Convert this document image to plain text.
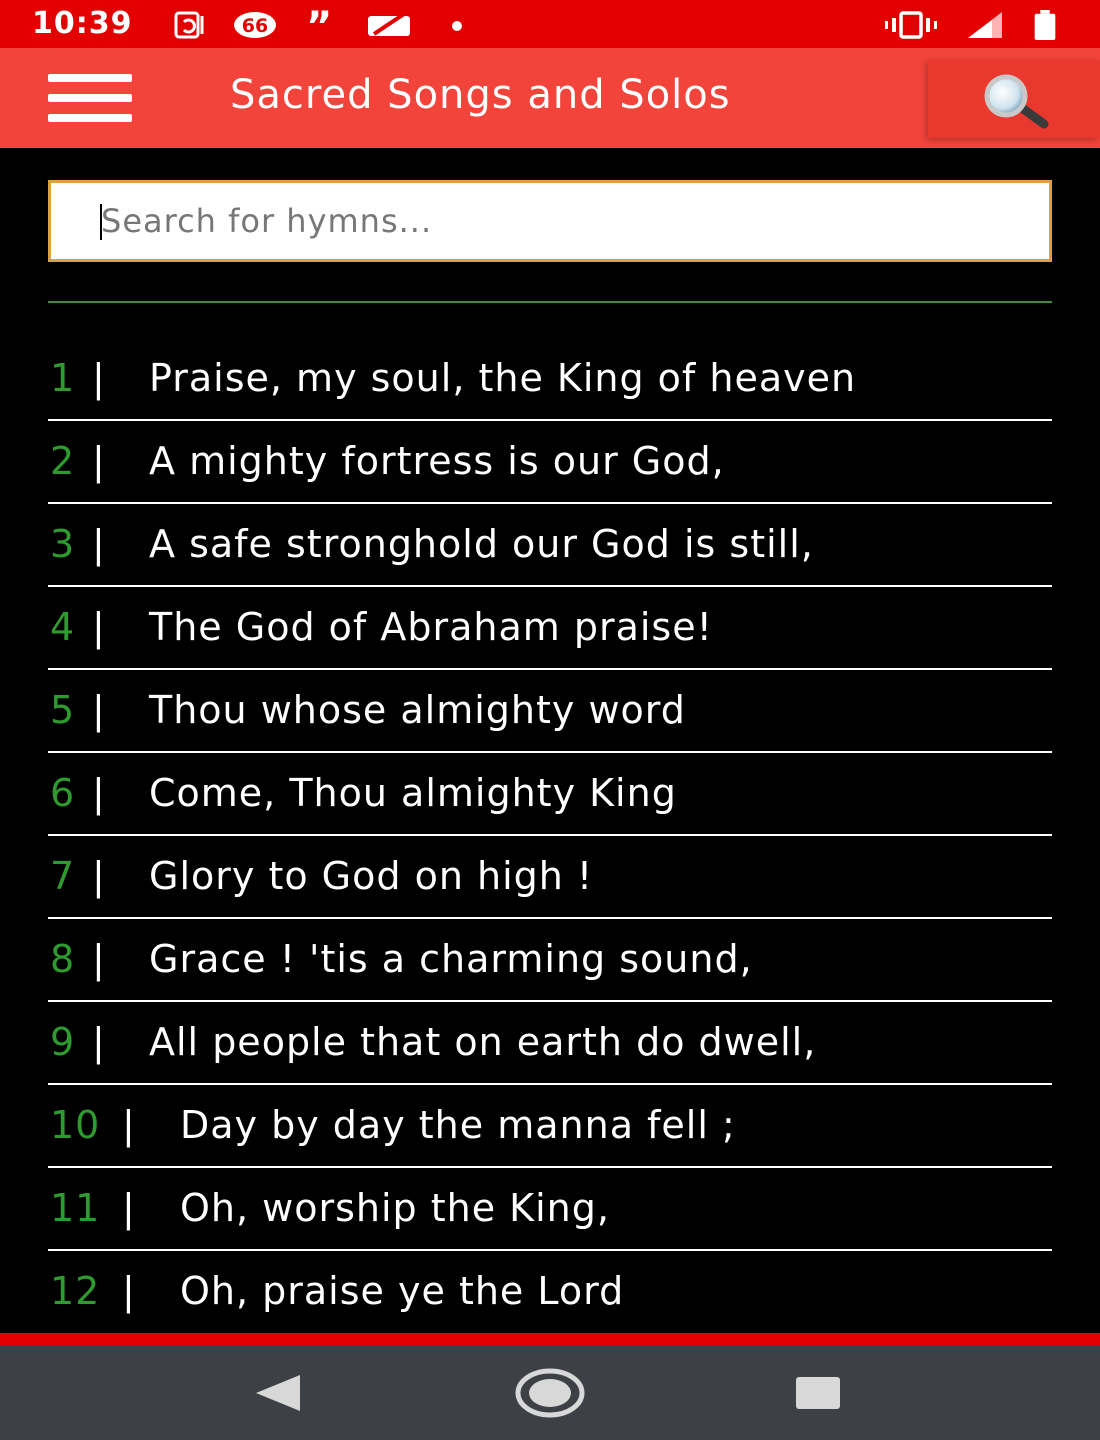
10:39	66 ”
Sacred Songs and Solos
Search for hymns...
1 | Praise, my soul, the King of heaven
2 | A mighty fortress is our God,
3 | A safe stronghold our God is still,
4 | The God of Abraham praise!
5 | Thou whose almighty word
6 | Come, Thou almighty King
7 | Glory to God on high !
8 | Grace ! 'tis a charming sound,
9 | All people that on earth do dwell,
10 | Day by day the manna fell ;
11 | Oh, worship the King,
12 | Oh, praise ye the Lord
